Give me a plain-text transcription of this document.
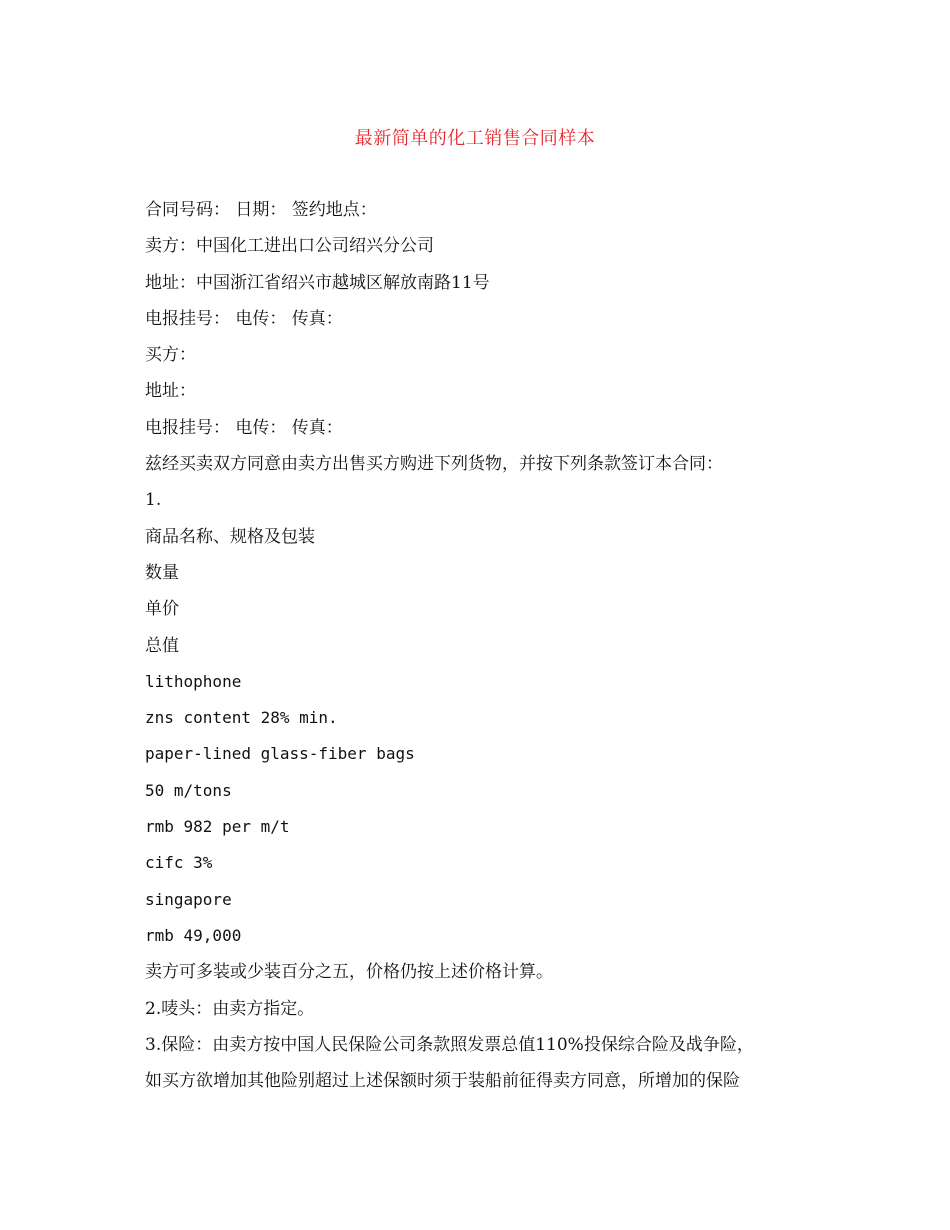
最新简单的化工销售合同样本
合同号码： 日期： 签约地点：
卖方：中国化工进出口公司绍兴分公司
地址：中国浙江省绍兴市越城区解放南路11号
电报挂号： 电传： 传真：
买方：
地址：
电报挂号： 电传： 传真：
兹经买卖双方同意由卖方出售买方购进下列货物，并按下列条款签订本合同：
1.
商品名称、规格及包装
数量
单价
总值
lithophone
zns content 28% min.
paper-lined glass-fiber bags
50 m/tons
rmb 982 per m/t
cifc 3%
singapore
rmb 49,000
卖方可多装或少装百分之五，价格仍按上述价格计算。
2.唛头：由卖方指定。
3.保险：由卖方按中国人民保险公司条款照发票总值110%投保综合险及战争险，
如买方欲增加其他险别超过上述保额时须于装船前征得卖方同意，所增加的保险
